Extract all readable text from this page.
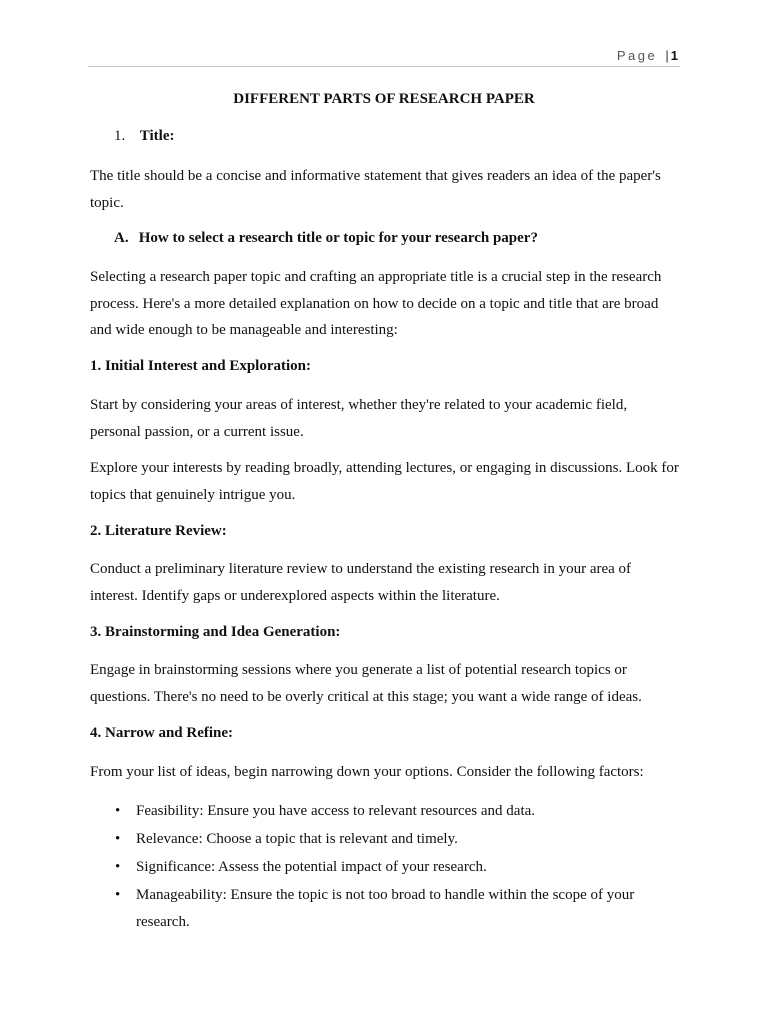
Page | 1
DIFFERENT PARTS OF RESEARCH PAPER
1. Title:
The title should be a concise and informative statement that gives readers an idea of the paper's topic.
A. How to select a research title or topic for your research paper?
Selecting a research paper topic and crafting an appropriate title is a crucial step in the research process. Here's a more detailed explanation on how to decide on a topic and title that are broad and wide enough to be manageable and interesting:
1. Initial Interest and Exploration:
Start by considering your areas of interest, whether they're related to your academic field, personal passion, or a current issue.
Explore your interests by reading broadly, attending lectures, or engaging in discussions. Look for topics that genuinely intrigue you.
2. Literature Review:
Conduct a preliminary literature review to understand the existing research in your area of interest. Identify gaps or underexplored aspects within the literature.
3. Brainstorming and Idea Generation:
Engage in brainstorming sessions where you generate a list of potential research topics or questions. There's no need to be overly critical at this stage; you want a wide range of ideas.
4. Narrow and Refine:
From your list of ideas, begin narrowing down your options. Consider the following factors:
• Feasibility: Ensure you have access to relevant resources and data.
• Relevance: Choose a topic that is relevant and timely.
• Significance: Assess the potential impact of your research.
• Manageability: Ensure the topic is not too broad to handle within the scope of your research.
